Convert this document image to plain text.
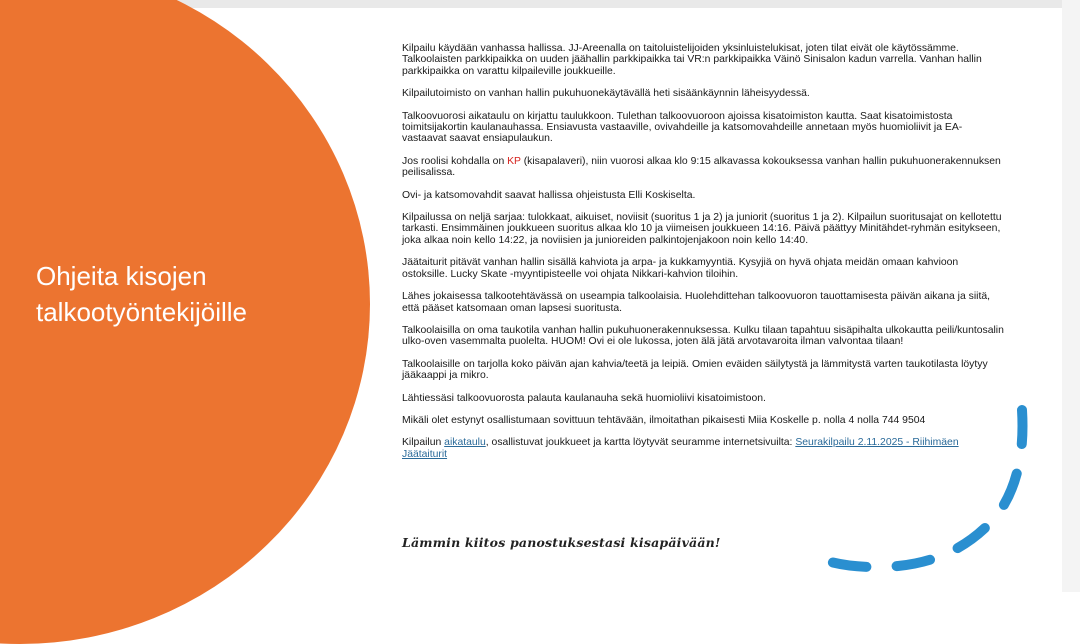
Ohjeita kisojen
talkootyöntekijöille

Kilpailu käydään vanhassa hallissa. JJ-Areenalla on taitoluistelijoiden yksinluistelukisat, joten tilat eivät ole käytössämme. Talkoolaisten parkkipaikka on uuden jäähallin parkkipaikka tai VR:n parkkipaikka Väinö Sinisalon kadun varrella. Vanhan hallin parkkipaikka on varattu kilpaileville joukkueille.

Kilpailutoimisto on vanhan hallin pukuhuonekäytävällä heti sisäänkäynnin läheisyydessä.

Talkoovuorosi aikataulu on kirjattu taulukkoon. Tulethan talkoovuoroon ajoissa kisatoimiston kautta. Saat kisatoimistosta toimitsijakortin kaulanauhassa. Ensiavusta vastaaville, ovivahdeille ja katsomovahdeille annetaan myös huomioliivit ja EA-vastaavat saavat ensiapulaukun.

Jos roolisi kohdalla on KP (kisapalaveri), niin vuorosi alkaa klo 9:15 alkavassa kokouksessa vanhan hallin pukuhuonerakennuksen peilisalissa.

Ovi- ja katsomovahdit saavat hallissa ohjeistusta Elli Koskiselta.

Kilpailussa on neljä sarjaa: tulokkaat, aikuiset, noviisit (suoritus 1 ja 2) ja juniorit (suoritus 1 ja 2). Kilpailun suoritusajat on kellotettu tarkasti. Ensimmäinen joukkueen suoritus alkaa klo 10 ja viimeisen joukkueen 14:16. Päivä päättyy Minitähdet-ryhmän esitykseen, joka alkaa noin kello 14:22, ja noviisien ja junioreiden palkintojenjakoon noin kello 14:40.

Jäätaiturit pitävät vanhan hallin sisällä kahviota ja arpa- ja kukkamyyntiä. Kysyjiä on hyvä ohjata meidän omaan kahvioon ostoksille. Lucky Skate -myyntipisteelle voi ohjata Nikkari-kahvion tiloihin.

Lähes jokaisessa talkootehtävässä on useampia talkoolaisia. Huolehdittehan talkoovuoron tauottamisesta päivän aikana ja siitä, että pääset katsomaan oman lapsesi suoritusta.

Talkoolaisilla on oma taukotila vanhan hallin pukuhuonerakennuksessa. Kulku tilaan tapahtuu sisäpihalta ulkokautta peili/kuntosalin ulko-oven vasemmalta puolelta. HUOM! Ovi ei ole lukossa, joten älä jätä arvotavaroita ilman valvontaa tilaan!

Talkoolaisille on tarjolla koko päivän ajan kahvia/teetä ja leipiä. Omien eväiden säilytystä ja lämmitystä varten taukotilasta löytyy jääkaappi ja mikro.

Lähtiessäsi talkoovuorosta palauta kaulanauha sekä huomioliivi kisatoimistoon.

Mikäli olet estynyt osallistumaan sovittuun tehtävään, ilmoitathan pikaisesti Miia Koskelle p. nolla 4 nolla 744 9504

Kilpailun aikataulu, osallistuvat joukkueet ja kartta löytyvät seuramme internetsivuilta: Seurakilpailu 2.11.2025 - Riihimäen Jäätaiturit

Lämmin kiitos panostuksestasi kisapäivään!
